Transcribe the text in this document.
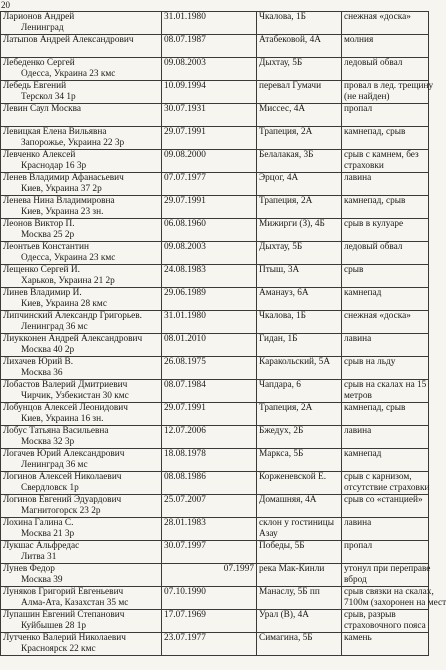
20
Ларионов Андрей
Ленинград	31.01.1980	Чкалова, 1Б	снежная «доска»

Латыпов Андрей Александрович	08.07.1987	Атабековой, 4А	молния

Лебеденко Сергей
Одесса, Украина 23 кмс	09.08.2003	Дыхтау, 5Б	ледовый обвал

Лебедь Евгений
Терскол 34 1р	10.09.1994	перевал Гумачи	провал в лед. трещину
(не найден)

Левин Саул Москва	30.07.1931	Миссес, 4А	пропал

Левицкая Елена Вильявна
Запорожье, Украина 22 3р	29.07.1991	Трапеция, 2А	камнепад, срыв

Левченко Алексей
Краснодар 16 3р	09.08.2000	Белалакая, 3Б	срыв с камнем, без
страховки

Ленев Владимир Афанасьевич
Киев, Украина 37 2р	07.07.1977	Эрцог, 4А	лавина

Ленева Нина Владимировна
Киев, Украина 23 зн.	29.07.1991	Трапеция, 2А	камнепад, срыв

Леонов Виктор П.
Москва 25 2р	06.08.1960	Мижирги (З), 4Б	срыв в кулуаре

Леонтьев Константин
Одесса, Украина 23 кмс	09.08.2003	Дыхтау, 5Б	ледовый обвал

Лещенко Сергей И.
Харьков, Украина 21 2р	24.08.1983	Птыш, 3А	срыв

Линев Владимир И.
Киев, Украина 28 кмс	29.06.1989	Аманауз, 6А	камнепад

Липчинский Александр Григорьев.
Ленинград 36 мс	31.01.1980	Чкалова, 1Б	снежная «доска»

Лиукконен Андрей Александрович
Москва 40 2р	08.01.2010	Гидан, 1Б	лавина

Лихачев Юрий В.
Москва 36	26.08.1975	Каракольский, 5А	срыв на льду

Лобастов Валерий Дмитриевич
Чирчик, Узбекистан 30 кмс	08.07.1984	Чапдара, 6	срыв на скалах на 15
метров

Лобунцов Алексей Леонидович
Киев, Украина 16 зн.	29.07.1991	Трапеция, 2А	камнепад, срыв

Лобус Татьяна Васильевна
Москва 32 3р	12.07.2006	Бжедух, 2Б	лавина

Логачев Юрий Александрович
Ленинград 36 мс	18.08.1978	Маркса, 5Б	камнепад

Логинов Алексей Николаевич
Свердловск 1р	08.08.1986	Корженевской Е.	срыв с карнизом,
отсутствие страховки

Логинов Евгений Эдуардович
Магнитогорск 23 2р	25.07.2007	Домашняя, 4А	срыв со «станцией»

Лохина Галина С.
Москва 21 3р	28.01.1983	склон у гостиницы
Азау	лавина

Лукшас Альфредас
Литва 31	30.07.1997	Победы, 5Б	пропал

Лунев Федор
Москва 39	07.1997	река Мак-Кинли	утонул при переправе
вброд

Луняков Григорий Евгеньевич
Алма-Ата, Казахстан 35 мс	07.10.1990	Манаслу, 5Б пп	срыв связки на скалах,
7100м (захоронен на мест

Лупашин Евгений Степанович
Куйбышев 28 1р	17.07.1969	Урал (В), 4А	срыв, разрыв
страховочного пояса

Лутченко Валерий Николаевич
Красноярск 22 кмс	23.07.1977	Симагина, 5Б	камень
